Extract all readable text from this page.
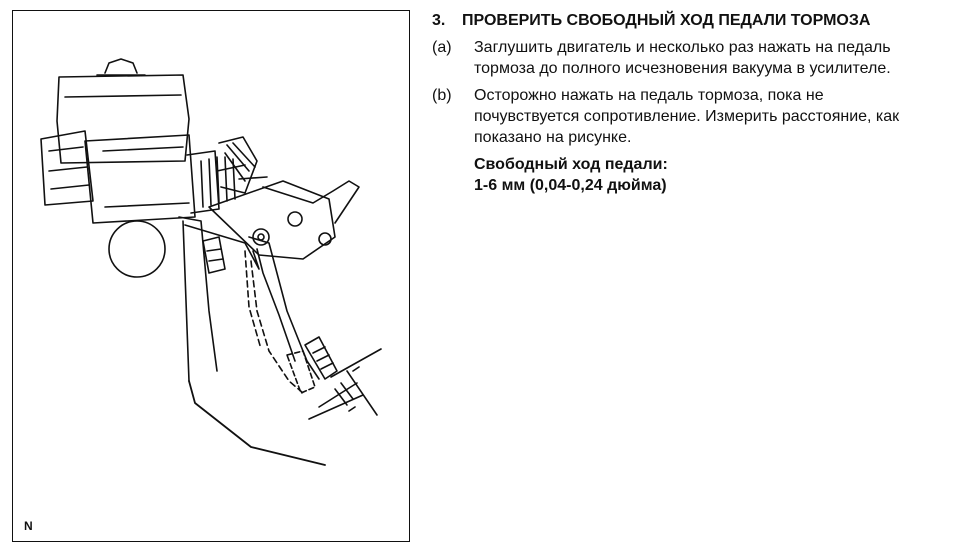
N
3.	ПРОВЕРИТЬ СВОБОДНЫЙ ХОД ПЕДАЛИ ТОРМОЗА
(a)	Заглушить двигатель и несколько раз нажать на педаль тормоза до полного исчезновения вакуума в усилителе.
(b)	Осторожно нажать на педаль тормоза, пока не почувствуется сопротивление. Измерить расстояние, как показано на рисунке.
Свободный ход педали:
1-6 мм (0,04-0,24 дюйма)
